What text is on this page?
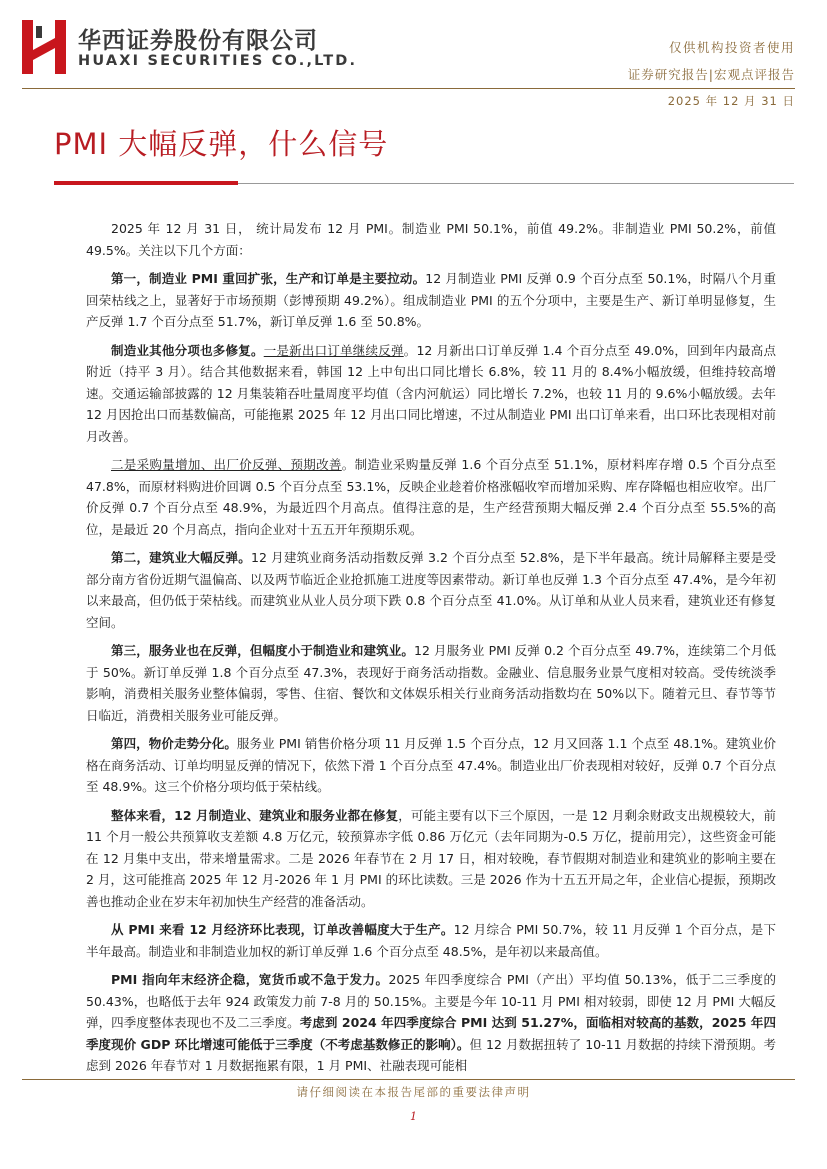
华西证券股份有限公司
HUAXI SECURITIES CO.,LTD.
仅供机构投资者使用
证券研究报告|宏观点评报告
2025 年 12 月 31 日
PMI 大幅反弹，什么信号

2025 年 12 月 31 日， 统计局发布 12 月 PMI。制造业 PMI 50.1%，前值 49.2%。非制造业 PMI 50.2%，前值 49.5%。关注以下几个方面：

第一，制造业 PMI 重回扩张，生产和订单是主要拉动。12 月制造业 PMI 反弹 0.9 个百分点至 50.1%，时隔八个月重回荣枯线之上，显著好于市场预期（彭博预期 49.2%）。组成制造业 PMI 的五个分项中，主要是生产、新订单明显修复，生产反弹 1.7 个百分点至 51.7%，新订单反弹 1.6 至 50.8%。

制造业其他分项也多修复。一是新出口订单继续反弹。12 月新出口订单反弹 1.4 个百分点至 49.0%，回到年内最高点附近（持平 3 月）。结合其他数据来看，韩国 12 上中旬出口同比增长 6.8%，较 11 月的 8.4%小幅放缓，但维持较高增速。交通运输部披露的 12 月集装箱吞吐量周度平均值（含内河航运）同比增长 7.2%，也较 11 月的 9.6%小幅放缓。去年 12 月因抢出口而基数偏高，可能拖累 2025 年 12 月出口同比增速，不过从制造业 PMI 出口订单来看，出口环比表现相对前月改善。

二是采购量增加、出厂价反弹、预期改善。制造业采购量反弹 1.6 个百分点至 51.1%，原材料库存增 0.5 个百分点至 47.8%，而原材料购进价回调 0.5 个百分点至 53.1%，反映企业趁着价格涨幅收窄而增加采购、库存降幅也相应收窄。出厂价反弹 0.7 个百分点至 48.9%，为最近四个月高点。值得注意的是，生产经营预期大幅反弹 2.4 个百分点至 55.5%的高位，是最近 20 个月高点，指向企业对十五五开年预期乐观。

第二，建筑业大幅反弹。12 月建筑业商务活动指数反弹 3.2 个百分点至 52.8%，是下半年最高。统计局解释主要是受部分南方省份近期气温偏高、以及两节临近企业抢抓施工进度等因素带动。新订单也反弹 1.3 个百分点至 47.4%，是今年初以来最高，但仍低于荣枯线。而建筑业从业人员分项下跌 0.8 个百分点至 41.0%。从订单和从业人员来看，建筑业还有修复空间。

第三，服务业也在反弹，但幅度小于制造业和建筑业。12 月服务业 PMI 反弹 0.2 个百分点至 49.7%，连续第二个月低于 50%。新订单反弹 1.8 个百分点至 47.3%，表现好于商务活动指数。金融业、信息服务业景气度相对较高。受传统淡季影响，消费相关服务业整体偏弱，零售、住宿、餐饮和文体娱乐相关行业商务活动指数均在 50%以下。随着元旦、春节等节日临近，消费相关服务业可能反弹。

第四，物价走势分化。服务业 PMI 销售价格分项 11 月反弹 1.5 个百分点，12 月又回落 1.1 个点至 48.1%。建筑业价格在商务活动、订单均明显反弹的情况下，依然下滑 1 个百分点至 47.4%。制造业出厂价表现相对较好，反弹 0.7 个百分点至 48.9%。这三个价格分项均低于荣枯线。

整体来看，12 月制造业、建筑业和服务业都在修复，可能主要有以下三个原因，一是 12 月剩余财政支出规模较大，前 11 个月一般公共预算收支差额 4.8 万亿元，较预算赤字低 0.86 万亿元（去年同期为-0.5 万亿，提前用完），这些资金可能在 12 月集中支出，带来增量需求。二是 2026 年春节在 2 月 17 日，相对较晚，春节假期对制造业和建筑业的影响主要在 2 月，这可能推高 2025 年 12 月-2026 年 1 月 PMI 的环比读数。三是 2026 作为十五五开局之年，企业信心提振，预期改善也推动企业在岁末年初加快生产经营的准备活动。

从 PMI 来看 12 月经济环比表现，订单改善幅度大于生产。12 月综合 PMI 50.7%，较 11 月反弹 1 个百分点，是下半年最高。制造业和非制造业加权的新订单反弹 1.6 个百分点至 48.5%，是年初以来最高值。

PMI 指向年末经济企稳，宽货币或不急于发力。2025 年四季度综合 PMI（产出）平均值 50.13%，低于二三季度的 50.43%，也略低于去年 924 政策发力前 7-8 月的 50.15%。主要是今年 10-11 月 PMI 相对较弱，即使 12 月 PMI 大幅反弹，四季度整体表现也不及二三季度。考虑到 2024 年四季度综合 PMI 达到 51.27%，面临相对较高的基数，2025 年四季度现价 GDP 环比增速可能低于三季度（不考虑基数修正的影响）。但 12 月数据扭转了 10-11 月数据的持续下滑预期。考虑到 2026 年春节对 1 月数据拖累有限，1 月 PMI、社融表现可能相

请仔细阅读在本报告尾部的重要法律声明
1
